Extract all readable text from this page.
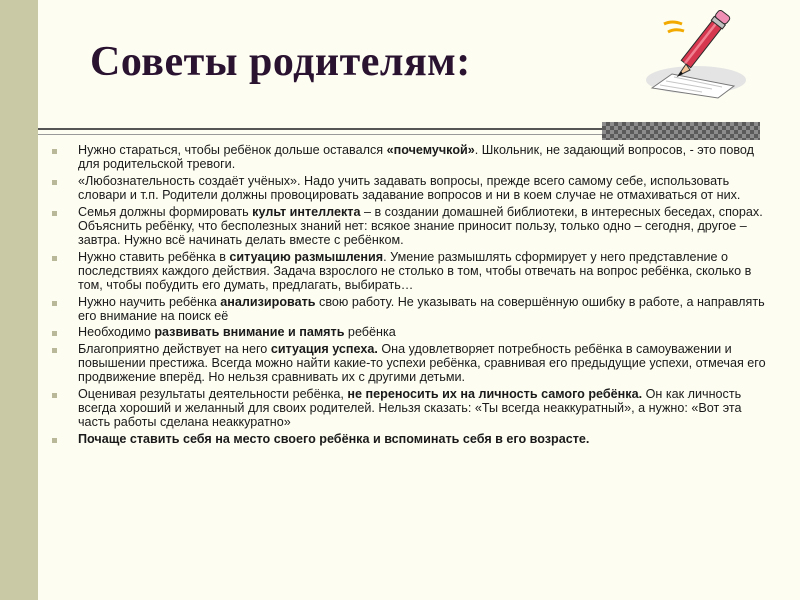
Советы родителям:
Нужно стараться, чтобы ребёнок дольше оставался «почемучкой». Школьник, не задающий вопросов, - это повод для родительской тревоги.
«Любознательность создаёт учёных». Надо учить задавать вопросы, прежде всего самому себе, использовать словари и т.п. Родители должны провоцировать задавание вопросов и ни в коем случае не отмахиваться от них.
Семья должны формировать культ интеллекта – в создании домашней библиотеки, в интересных беседах, спорах. Объяснить ребёнку, что бесполезных знаний нет: всякое знание приносит пользу, только одно – сегодня, другое – завтра. Нужно всё начинать делать вместе с ребёнком.
Нужно ставить ребёнка в ситуацию размышления. Умение размышлять сформирует у него представление о последствиях каждого действия. Задача взрослого не столько в том, чтобы отвечать на вопрос ребёнка, сколько в том, чтобы побудить его думать, предлагать, выбирать…
Нужно научить ребёнка анализировать свою работу. Не указывать на совершённую ошибку в работе, а направлять его внимание на поиск её
Необходимо развивать внимание и память ребёнка
Благоприятно действует на него ситуация успеха. Она удовлетворяет потребность ребёнка в самоуважении и повышении престижа. Всегда можно найти какие-то успехи ребёнка, сравнивая его предыдущие успехи, отмечая его продвижение вперёд. Но нельзя сравнивать их с другими детьми.
Оценивая результаты деятельности ребёнка, не переносить их на личность самого ребёнка. Он как личность всегда хороший и желанный для своих родителей. Нельзя сказать: «Ты всегда неаккуратный», а нужно: «Вот эта часть работы сделана неаккуратно»
Почаще ставить себя на место своего ребёнка и вспоминать себя в его возрасте.
